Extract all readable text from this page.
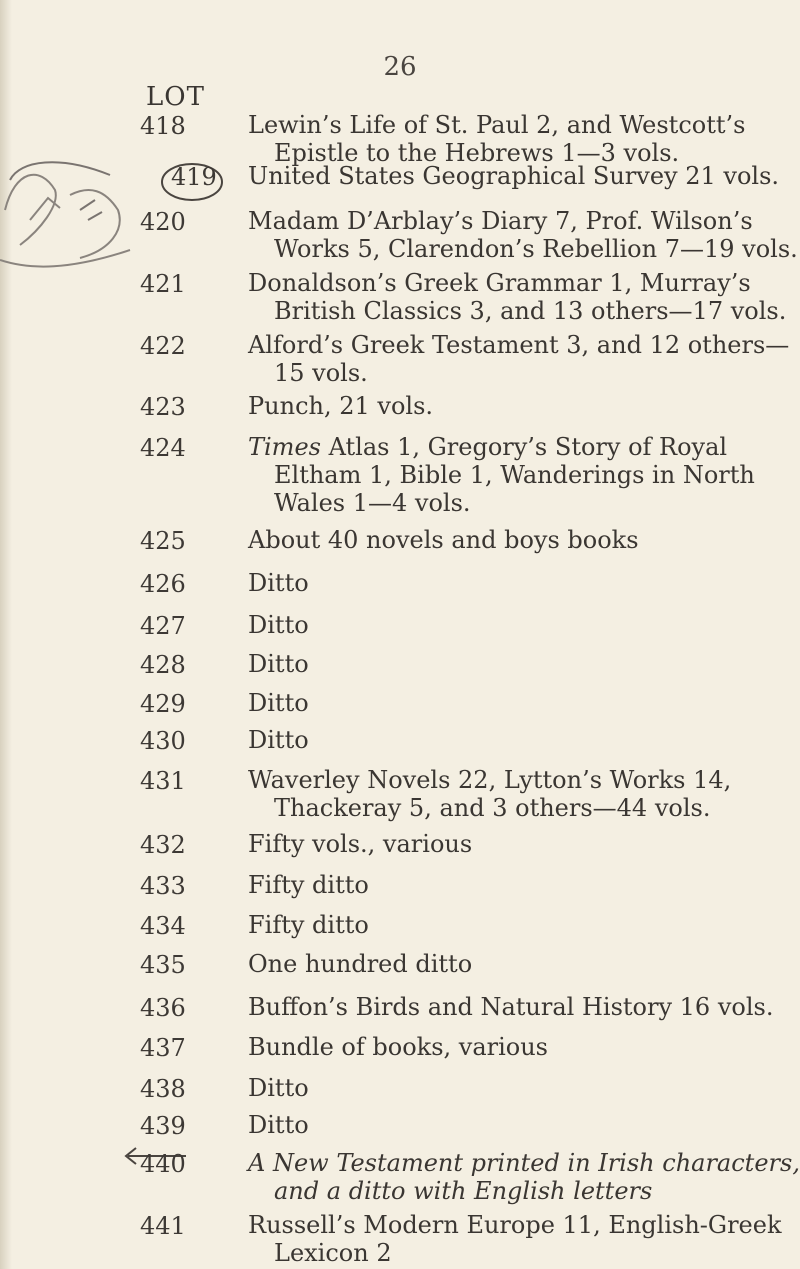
26
LOT
418	Lewin’s Life of St. Paul 2, and Westcott’s
Epistle to the Hebrews 1—3 vols.
419	United States Geographical Survey 21 vols.
420	Madam D’Arblay’s Diary 7, Prof. Wilson’s
Works 5, Clarendon’s Rebellion 7—19 vols.
421	Donaldson’s Greek Grammar 1, Murray’s
British Classics 3, and 13 others—17 vols.
422	Alford’s Greek Testament 3, and 12 others—
15 vols.
423	Punch, 21 vols.
424	Times Atlas 1, Gregory’s Story of Royal
Eltham 1, Bible 1, Wanderings in North
Wales 1—4 vols.
425	About 40 novels and boys books
426	Ditto
427	Ditto
428	Ditto
429	Ditto
430	Ditto
431	Waverley Novels 22, Lytton’s Works 14,
Thackeray 5, and 3 others—44 vols.
432	Fifty vols., various
433	Fifty ditto
434	Fifty ditto
435	One hundred ditto
436	Buffon’s Birds and Natural History 16 vols.
437	Bundle of books, various
438	Ditto
439	Ditto
440	A New Testament printed in Irish characters,
and a ditto with English letters
441	Russell’s Modern Europe 11, English-Greek
Lexicon 2
